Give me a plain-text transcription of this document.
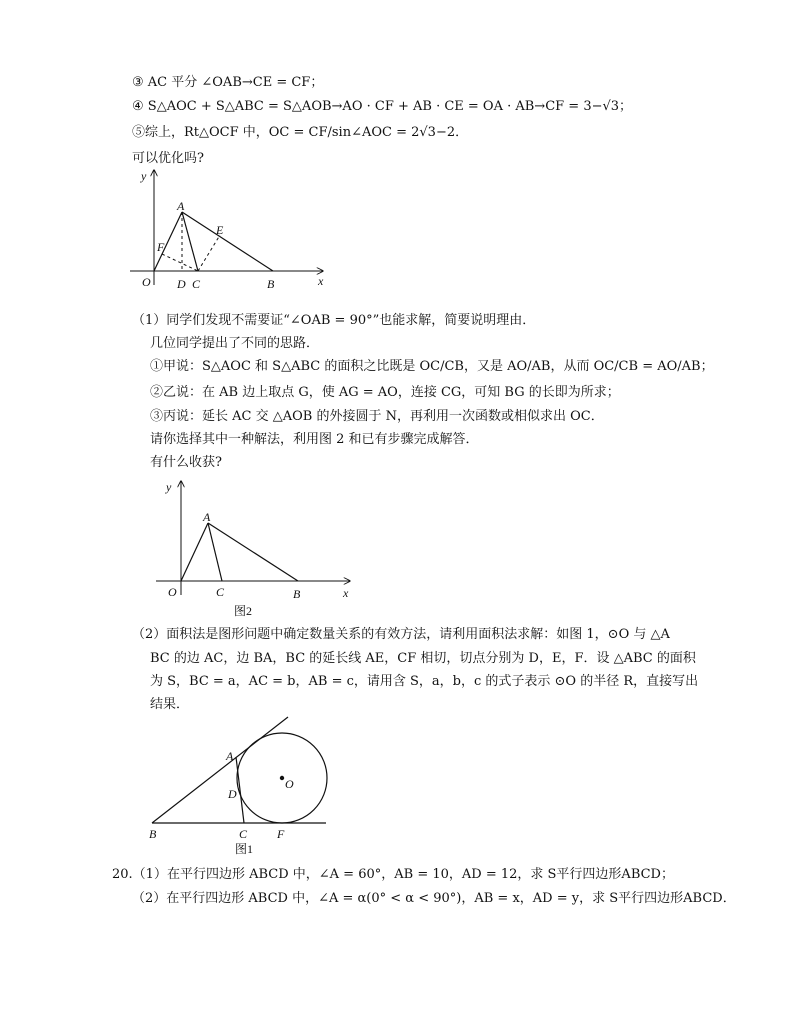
③ AC 平分 ∠OAB→CE = CF；
④ S△AOC + S△ABC = S△AOB→AO · CF + AB · CE = OA · AB→CF = 3−√3；
⑤综上，Rt△OCF 中，OC = CF/sin∠AOC = 2√3−2．
可以优化吗?
y
x
A
E
F
O D C	B
（1）同学们发现不需要证“∠OAB = 90°”也能求解，简要说明理由．
几位同学提出了不同的思路．
①甲说：S△AOC 和 S△ABC 的面积之比既是 OC/CB，又是 AO/AB，从而 OC/CB = AO/AB；
②乙说：在 AB 边上取点 G，使 AG = AO，连接 CG，可知 BG 的长即为所求；
③丙说：延长 AC 交 △AOB 的外接圆于 N，再利用一次函数或相似求出 OC．
请你选择其中一种解法，利用图 2 和已有步骤完成解答．
有什么收获?
y
x
A
O	C	B
图2
（2）面积法是图形问题中确定数量关系的有效方法，请利用面积法求解：如图 1，⊙O 与 △A
BC 的边 AC，边 BA，BC 的延长线 AE，CF 相切，切点分别为 D，E，F．设 △ABC 的面积
为 S，BC = a，AC = b，AB = c，请用含 S，a，b，c 的式子表示 ⊙O 的半径 R，直接写出
结果．
A
D
O
B	C F
图1
20.（1）在平行四边形 ABCD 中，∠A = 60°，AB = 10，AD = 12，求 S平行四边形ABCD；
（2）在平行四边形 ABCD 中，∠A = α(0° < α < 90°)，AB = x，AD = y，求 S平行四边形ABCD．
